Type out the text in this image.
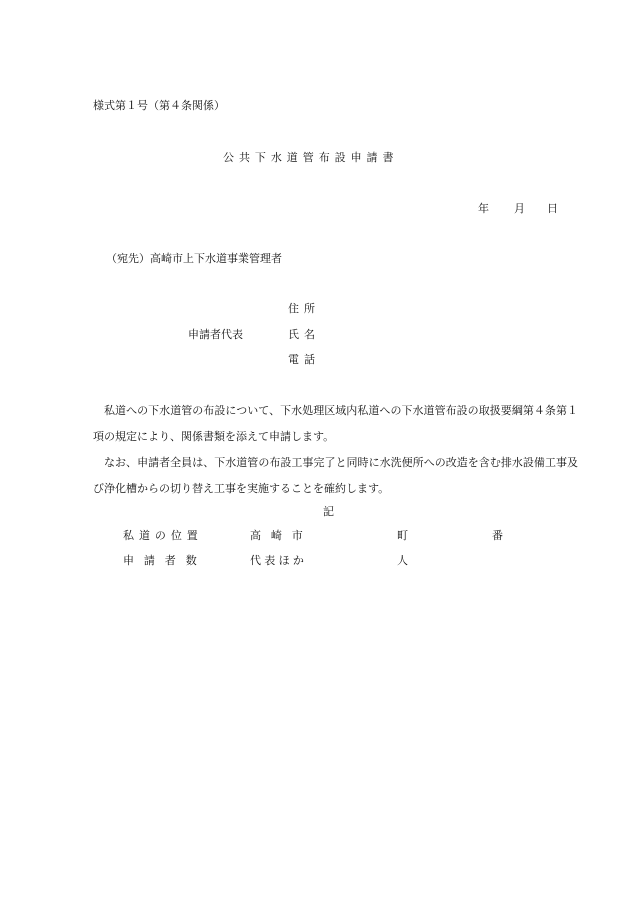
様式第１号（第４条関係）
公共下水道管布設申請書
年 月 日
（宛先）高崎市上下水道事業管理者
申請者代表
住所
氏名
電話
私道への下水道管の布設について、下水処理区域内私道への下水道管布設の取扱要綱第４条第１項の規定により、関係書類を添えて申請します。
なお、申請者全員は、下水道管の布設工事完了と同時に水洗便所への改造を含む排水設備工事及び浄化槽からの切り替え工事を実施することを確約します。
記
私道の位置	高崎市	町	番
申請者数	代表ほか	人
